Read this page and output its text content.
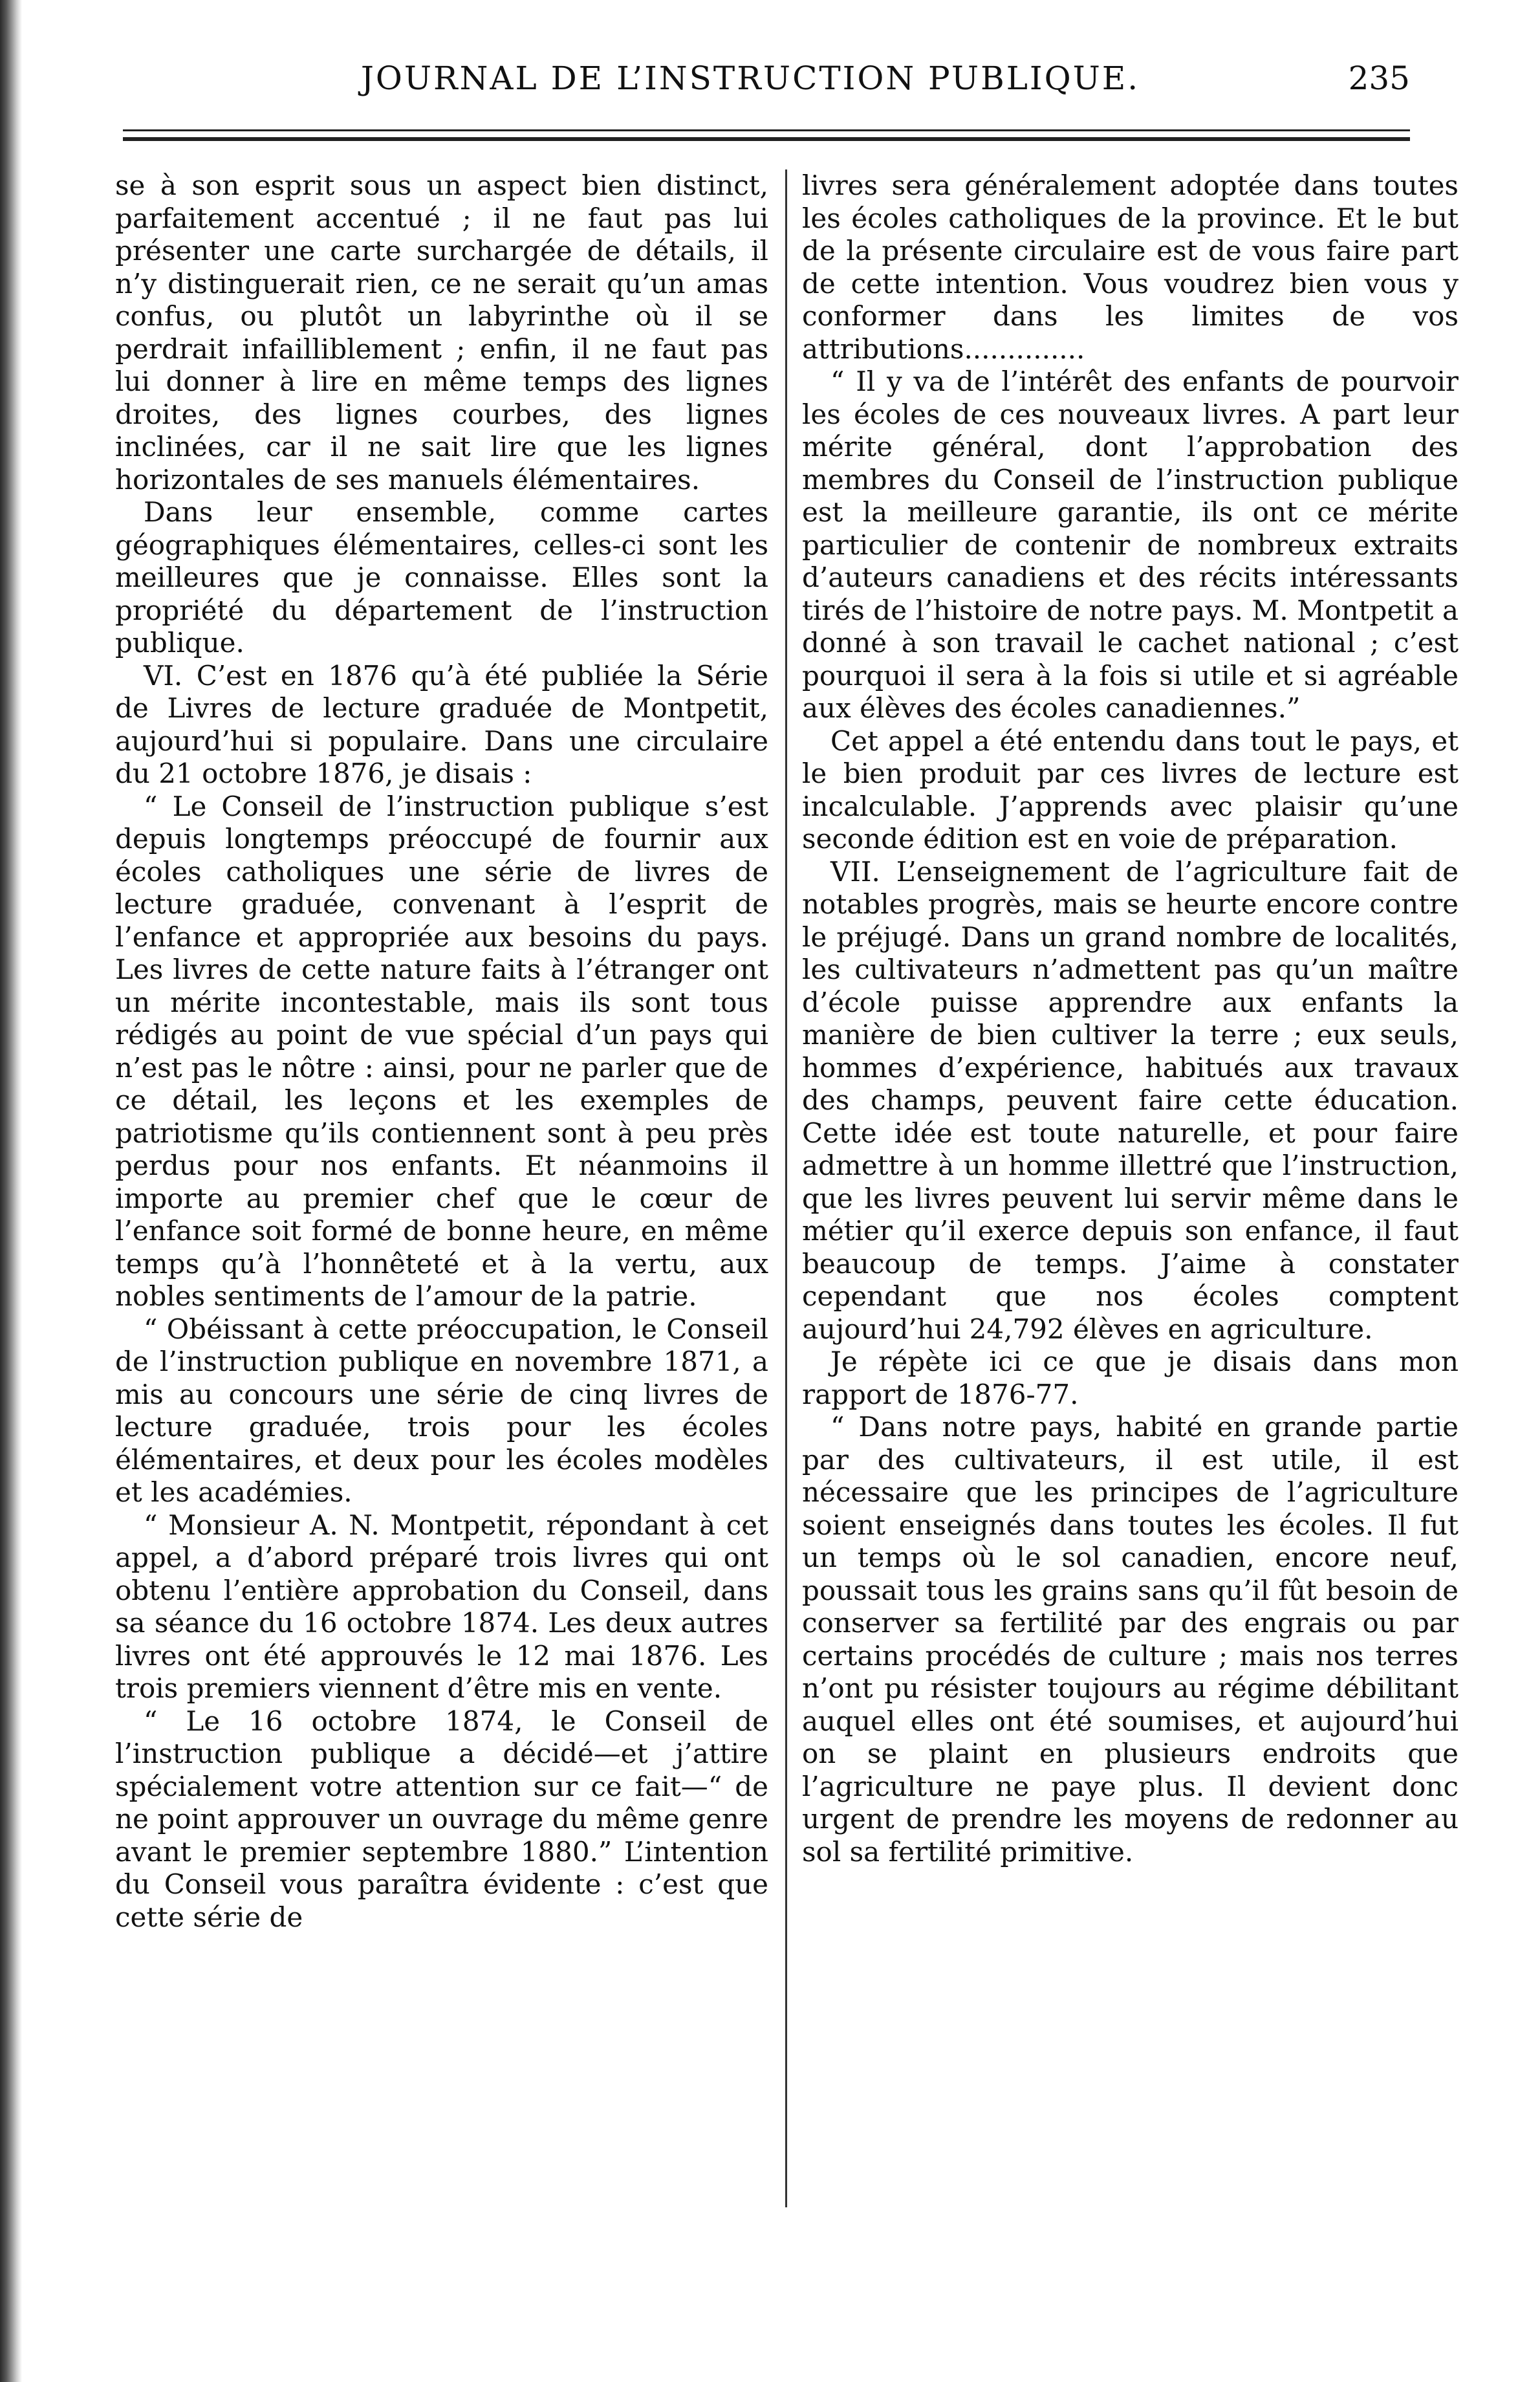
JOURNAL DE L’INSTRUCTION PUBLIQUE.	235

se à son esprit sous un aspect bien distinct, parfaitement accentué ; il ne faut pas lui présenter une carte surchargée de détails, il n’y distinguerait rien, ce ne serait qu’un amas confus, ou plutôt un labyrinthe où il se perdrait infailliblement ; enfin, il ne faut pas lui donner à lire en même temps des lignes droites, des lignes courbes, des lignes inclinées, car il ne sait lire que les lignes horizontales de ses manuels élémentaires.

Dans leur ensemble, comme cartes géographiques élémentaires, celles-ci sont les meilleures que je connaisse. Elles sont la propriété du département de l’instruction publique.

VI. C’est en 1876 qu’à été publiée la Série de Livres de lecture graduée de Montpetit, aujourd’hui si populaire. Dans une circulaire du 21 octobre 1876, je disais :

“ Le Conseil de l’instruction publique s’est depuis longtemps préoccupé de fournir aux écoles catholiques une série de livres de lecture graduée, convenant à l’esprit de l’enfance et appropriée aux besoins du pays. Les livres de cette nature faits à l’étranger ont un mérite incontestable, mais ils sont tous rédigés au point de vue spécial d’un pays qui n’est pas le nôtre : ainsi, pour ne parler que de ce détail, les leçons et les exemples de patriotisme qu’ils contiennent sont à peu près perdus pour nos enfants. Et néanmoins il importe au premier chef que le cœur de l’enfance soit formé de bonne heure, en même temps qu’à l’honnêteté et à la vertu, aux nobles sentiments de l’amour de la patrie.

“ Obéissant à cette préoccupation, le Conseil de l’instruction publique en novembre 1871, a mis au concours une série de cinq livres de lecture graduée, trois pour les écoles élémentaires, et deux pour les écoles modèles et les académies.

“ Monsieur A. N. Montpetit, répondant à cet appel, a d’abord préparé trois livres qui ont obtenu l’entière approbation du Conseil, dans sa séance du 16 octobre 1874. Les deux autres livres ont été approuvés le 12 mai 1876. Les trois premiers viennent d’être mis en vente.

“ Le 16 octobre 1874, le Conseil de l’instruction publique a décidé—et j’attire spécialement votre attention sur ce fait—“ de ne point approuver un ouvrage du même genre avant le premier septembre 1880.” L’intention du Conseil vous paraîtra évidente : c’est que cette série de

livres sera généralement adoptée dans toutes les écoles catholiques de la province. Et le but de la présente circulaire est de vous faire part de cette intention. Vous voudrez bien vous y conformer dans les limites de vos attributions..............

“ Il y va de l’intérêt des enfants de pourvoir les écoles de ces nouveaux livres. A part leur mérite général, dont l’approbation des membres du Conseil de l’instruction publique est la meilleure garantie, ils ont ce mérite particulier de contenir de nombreux extraits d’auteurs canadiens et des récits intéressants tirés de l’histoire de notre pays. M. Montpetit a donné à son travail le cachet national ; c’est pourquoi il sera à la fois si utile et si agréable aux élèves des écoles canadiennes.”

Cet appel a été entendu dans tout le pays, et le bien produit par ces livres de lecture est incalculable. J’apprends avec plaisir qu’une seconde édition est en voie de préparation.

VII. L’enseignement de l’agriculture fait de notables progrès, mais se heurte encore contre le préjugé. Dans un grand nombre de localités, les cultivateurs n’admettent pas qu’un maître d’école puisse apprendre aux enfants la manière de bien cultiver la terre ; eux seuls, hommes d’expérience, habitués aux travaux des champs, peuvent faire cette éducation. Cette idée est toute naturelle, et pour faire admettre à un homme illettré que l’instruction, que les livres peuvent lui servir même dans le métier qu’il exerce depuis son enfance, il faut beaucoup de temps. J’aime à constater cependant que nos écoles comptent aujourd’hui 24,792 élèves en agriculture.

Je répète ici ce que je disais dans mon rapport de 1876-77.

“ Dans notre pays, habité en grande partie par des cultivateurs, il est utile, il est nécessaire que les principes de l’agriculture soient enseignés dans toutes les écoles. Il fut un temps où le sol canadien, encore neuf, poussait tous les grains sans qu’il fût besoin de conserver sa fertilité par des engrais ou par certains procédés de culture ; mais nos terres n’ont pu résister toujours au régime débilitant auquel elles ont été soumises, et aujourd’hui on se plaint en plusieurs endroits que l’agriculture ne paye plus. Il devient donc urgent de prendre les moyens de redonner au sol sa fertilité primitive.
